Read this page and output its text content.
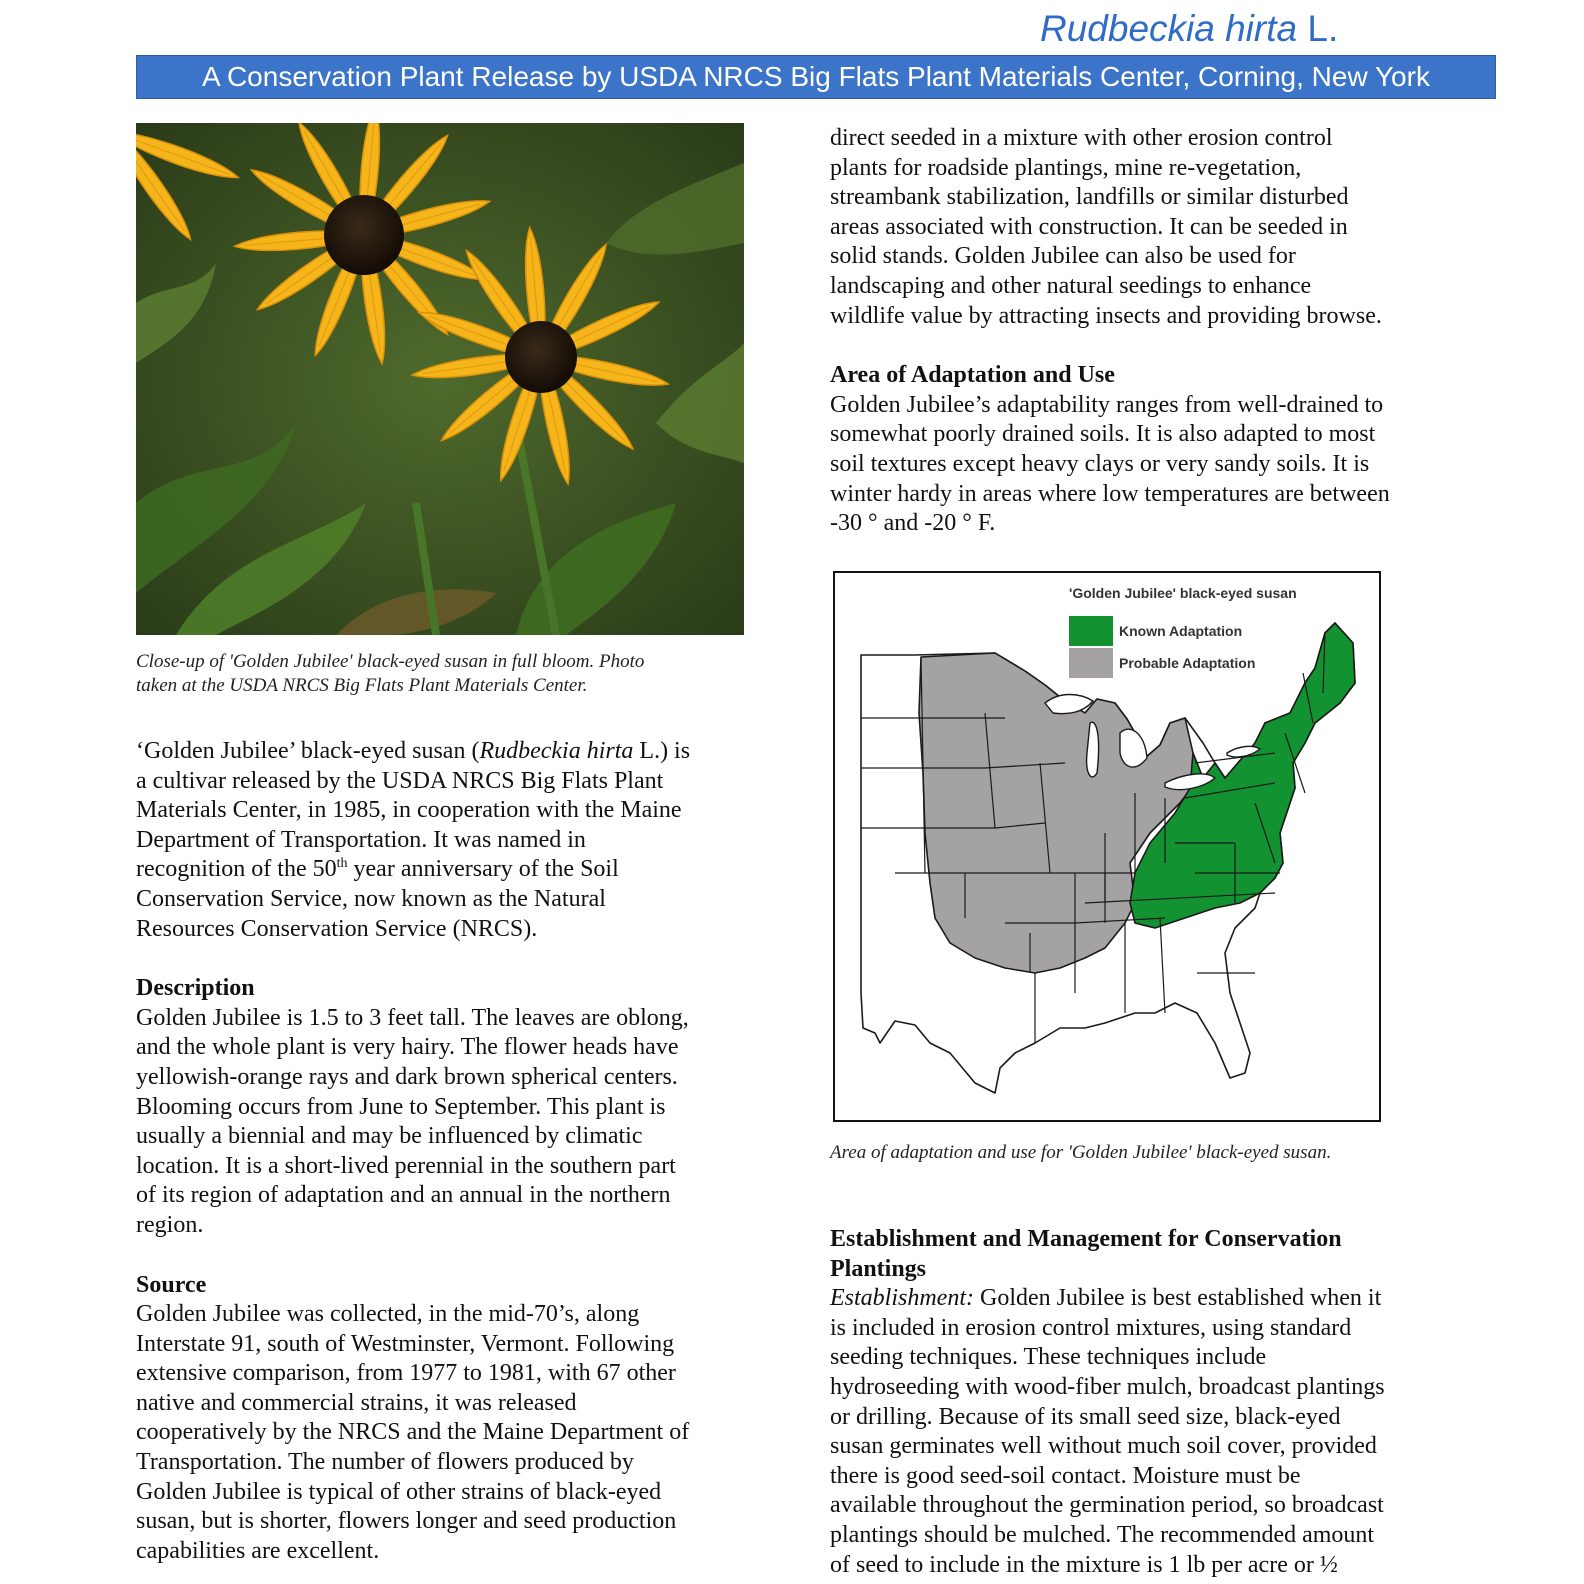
Rudbeckia hirta L.
A Conservation Plant Release by USDA NRCS Big Flats Plant Materials Center, Corning, New York
Close-up of 'Golden Jubilee' black-eyed susan in full bloom. Photo
taken at the USDA NRCS Big Flats Plant Materials Center.

‘Golden Jubilee’ black-eyed susan (Rudbeckia hirta L.) is

a cultivar released by the USDA NRCS Big Flats Plant

Materials Center, in 1985, in cooperation with the Maine

Department of Transportation. It was named in

recognition of the 50th year anniversary of the Soil

Conservation Service, now known as the Natural

Resources Conservation Service (NRCS).

Description

Golden Jubilee is 1.5 to 3 feet tall. The leaves are oblong,

and the whole plant is very hairy. The flower heads have

yellowish-orange rays and dark brown spherical centers.

Blooming occurs from June to September. This plant is

usually a biennial and may be influenced by climatic

location. It is a short-lived perennial in the southern part

of its region of adaptation and an annual in the northern

region.

Source

Golden Jubilee was collected, in the mid-70’s, along

Interstate 91, south of Westminster, Vermont. Following

extensive comparison, from 1977 to 1981, with 67 other

native and commercial strains, it was released

cooperatively by the NRCS and the Maine Department of

Transportation. The number of flowers produced by

Golden Jubilee is typical of other strains of black-eyed

susan, but is shorter, flowers longer and seed production

capabilities are excellent.

direct seeded in a mixture with other erosion control

plants for roadside plantings, mine re-vegetation,

streambank stabilization, landfills or similar disturbed

areas associated with construction. It can be seeded in

solid stands. Golden Jubilee can also be used for

landscaping and other natural seedings to enhance

wildlife value by attracting insects and providing browse.

Area of Adaptation and Use

Golden Jubilee’s adaptability ranges from well-drained to

somewhat poorly drained soils. It is also adapted to most

soil textures except heavy clays or very sandy soils. It is

winter hardy in areas where low temperatures are between

-30 ° and -20 ° F.

'Golden Jubilee' black-eyed susan
Known Adaptation
Probable Adaptation
Area of adaptation and use for 'Golden Jubilee' black-eyed susan.

Establishment and Management for Conservation

Plantings

Establishment: Golden Jubilee is best established when it

is included in erosion control mixtures, using standard

seeding techniques. These techniques include

hydroseeding with wood-fiber mulch, broadcast plantings

or drilling. Because of its small seed size, black-eyed

susan germinates well without much soil cover, provided

there is good seed-soil contact. Moisture must be

available throughout the germination period, so broadcast

plantings should be mulched. The recommended amount

of seed to include in the mixture is 1 lb per acre or ½
